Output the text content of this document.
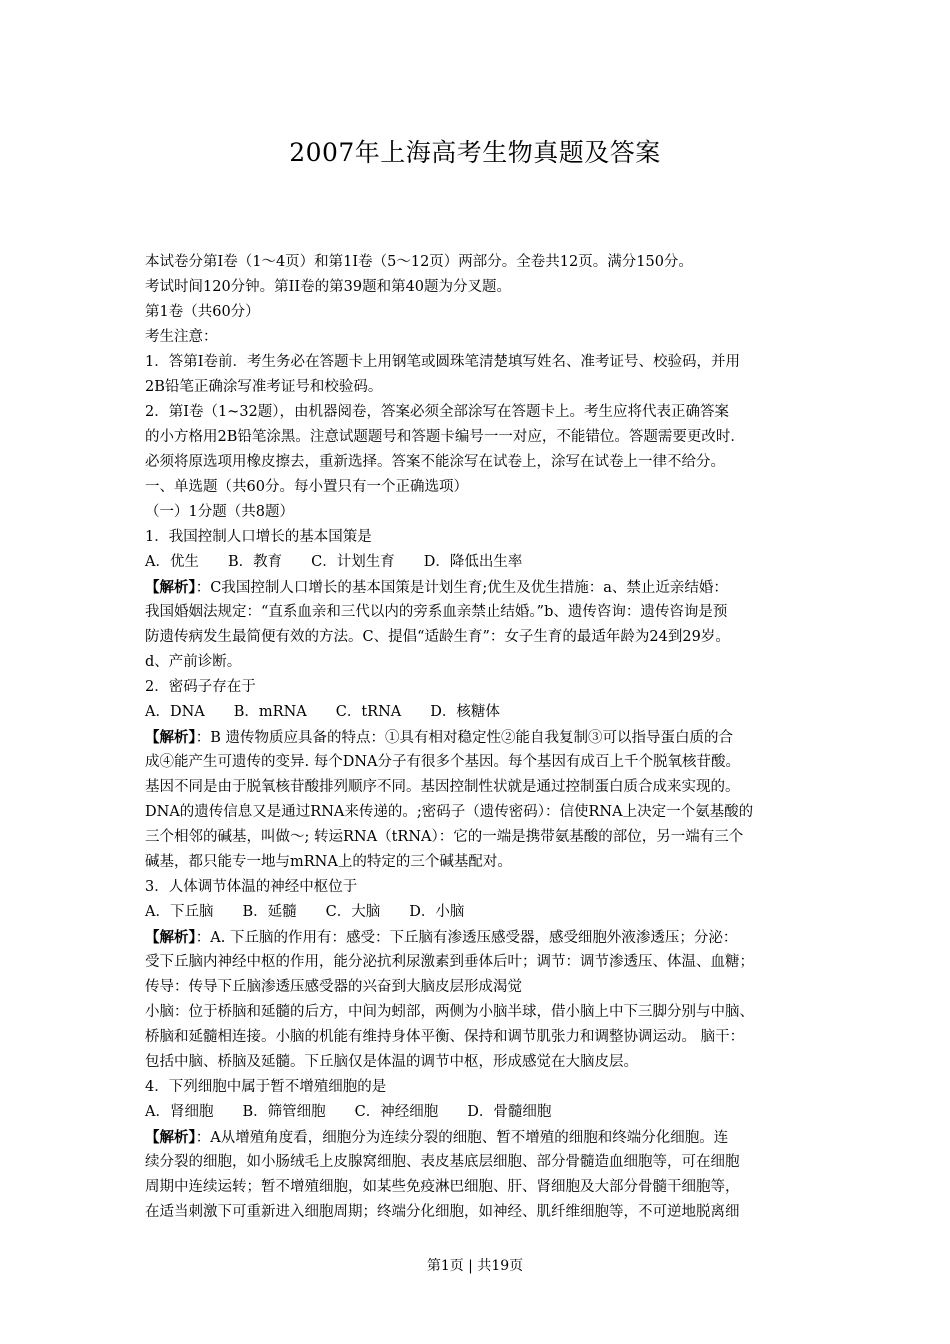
2007年上海高考生物真题及答案
本试卷分第Ⅰ卷（1～4页）和第1Ⅰ卷（5～12页）两部分。全卷共12页。满分150分。
考试时间120分钟。第II卷的第39题和第40题为分叉题。
第1卷（共60分）
考生注意：
1．答第Ⅰ卷前．考生务必在答题卡上用钢笔或圆珠笔清楚填写姓名、准考证号、校验码，并用
2B铅笔正确涂写准考证号和校验码。
2．第Ⅰ卷（1~32题），由机器阅卷，答案必须全部涂写在答题卡上。考生应将代表正确答案
的小方格用2B铅笔涂黑。注意试题题号和答题卡编号一一对应，不能错位。答题需要更改时．
必须将原选项用橡皮擦去，重新选择。答案不能涂写在试卷上，涂写在试卷上一律不给分。
一、单选题（共60分。每小置只有一个正确选项）
（一）1分题（共8题）
1．我国控制人口增长的基本国策是
A．优生　　B．教育　　C．计划生育　　D．降低出生率
【解析】：C我国控制人口增长的基本国策是计划生育;优生及优生措施：a、禁止近亲结婚：
我国婚姻法规定：“直系血亲和三代以内的旁系血亲禁止结婚。”b、遗传咨询：遗传咨询是预
防遗传病发生最简便有效的方法。C、提倡“适龄生育”：女子生育的最适年龄为24到29岁。
d、产前诊断。
2．密码子存在于
A．DNA　　B．mRNA　　C．tRNA　　D．核糖体
【解析】：B 遗传物质应具备的特点：①具有相对稳定性②能自我复制③可以指导蛋白质的合
成④能产生可遗传的变异. 每个DNA分子有很多个基因。每个基因有成百上千个脱氧核苷酸。
基因不同是由于脱氧核苷酸排列顺序不同。基因控制性状就是通过控制蛋白质合成来实现的。
DNA的遗传信息又是通过RNA来传递的。;密码子（遗传密码）：信使RNA上决定一个氨基酸的
三个相邻的碱基，叫做～; 转运RNA（tRNA）：它的一端是携带氨基酸的部位，另一端有三个
碱基，都只能专一地与mRNA上的特定的三个碱基配对。
3．人体调节体温的神经中枢位于
A．下丘脑　　B．延髓　　C．大脑　　D．小脑
【解析】：A. 下丘脑的作用有：感受：下丘脑有渗透压感受器，感受细胞外液渗透压；分泌：
受下丘脑内神经中枢的作用，能分泌抗利尿激素到垂体后叶；调节：调节渗透压、体温、血糖；
传导：传导下丘脑渗透压感受器的兴奋到大脑皮层形成渴觉
小脑：位于桥脑和延髓的后方，中间为蚓部，两侧为小脑半球，借小脑上中下三脚分别与中脑、
桥脑和延髓相连接。小脑的机能有维持身体平衡、保持和调节肌张力和调整协调运动。 脑干：
包括中脑、桥脑及延髓。下丘脑仅是体温的调节中枢，形成感觉在大脑皮层。
4．下列细胞中属于暂不增殖细胞的是
A．肾细胞　　B．筛管细胞　　C．神经细胞　　D．骨髓细胞
【解析】：A从增殖角度看，细胞分为连续分裂的细胞、暂不增殖的细胞和终端分化细胞。连
续分裂的细胞，如小肠绒毛上皮腺窝细胞、表皮基底层细胞、部分骨髓造血细胞等，可在细胞
周期中连续运转；暂不增殖细胞，如某些免疫淋巴细胞、肝、肾细胞及大部分骨髓干细胞等，
在适当刺激下可重新进入细胞周期；终端分化细胞，如神经、肌纤维细胞等，不可逆地脱离细
第1页 | 共19页
